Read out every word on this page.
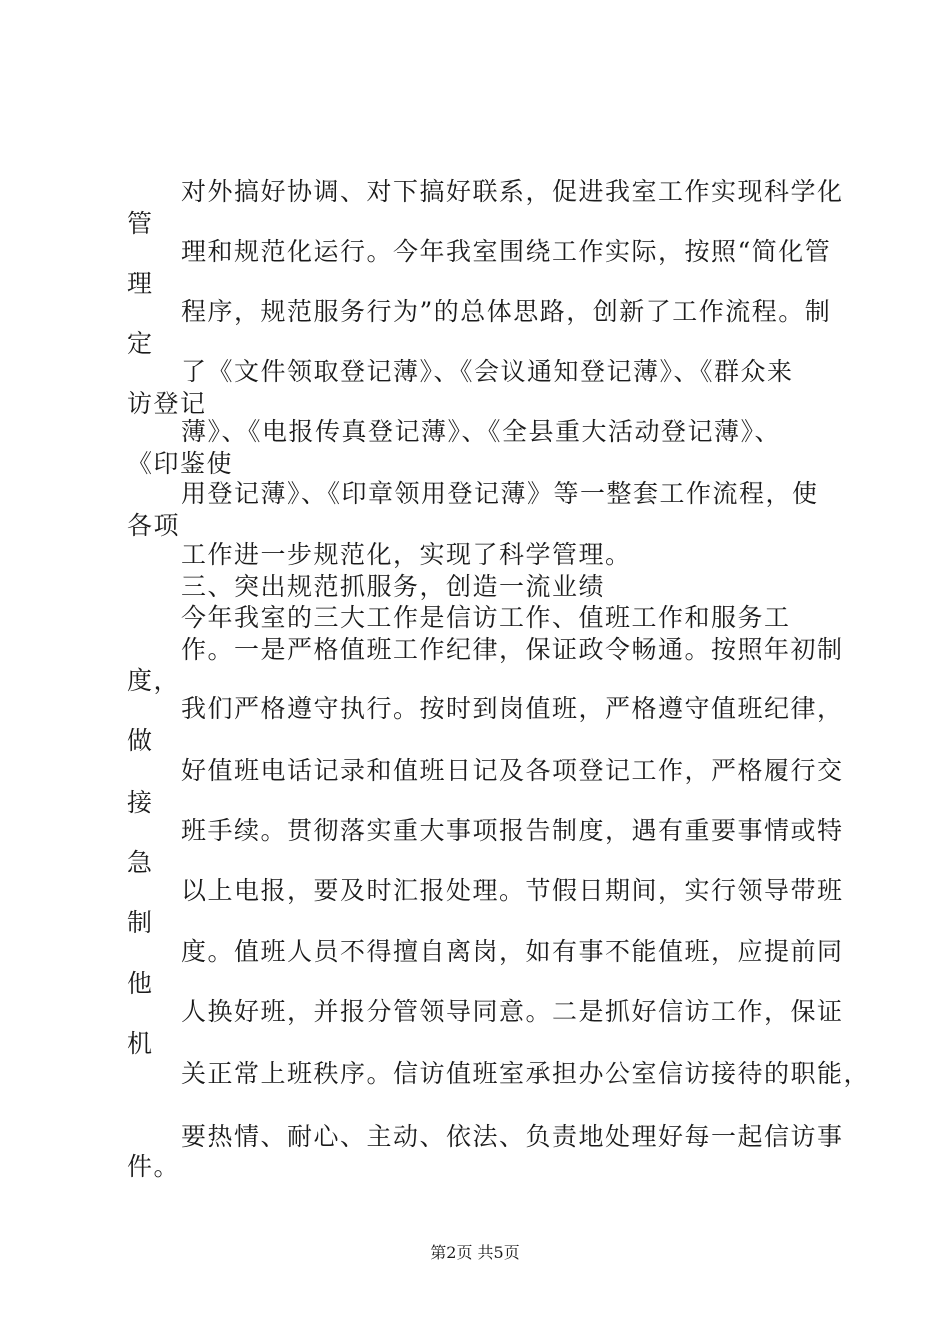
对外搞好协调、对下搞好联系，促进我室工作实现科学化
管
理和规范化运行。今年我室围绕工作实际，按照“简化管
理
程序，规范服务行为”的总体思路，创新了工作流程。制
定
了《文件领取登记薄》、《会议通知登记薄》、《群众来
访登记
薄》、《电报传真登记薄》、《全县重大活动登记薄》、
《印鉴使
用登记薄》、《印章领用登记薄》等一整套工作流程，使
各项
工作进一步规范化，实现了科学管理。
三、突出规范抓服务，创造一流业绩
今年我室的三大工作是信访工作、值班工作和服务工
作。一是严格值班工作纪律，保证政令畅通。按照年初制
度，
我们严格遵守执行。按时到岗值班，严格遵守值班纪律，
做
好值班电话记录和值班日记及各项登记工作，严格履行交
接
班手续。贯彻落实重大事项报告制度，遇有重要事情或特
急
以上电报，要及时汇报处理。节假日期间，实行领导带班
制
度。值班人员不得擅自离岗，如有事不能值班，应提前同
他
人换好班，并报分管领导同意。二是抓好信访工作，保证
机
关正常上班秩序。信访值班室承担办公室信访接待的职能，
要热情、耐心、主动、依法、负责地处理好每一起信访事
件。
第2页 共5页
